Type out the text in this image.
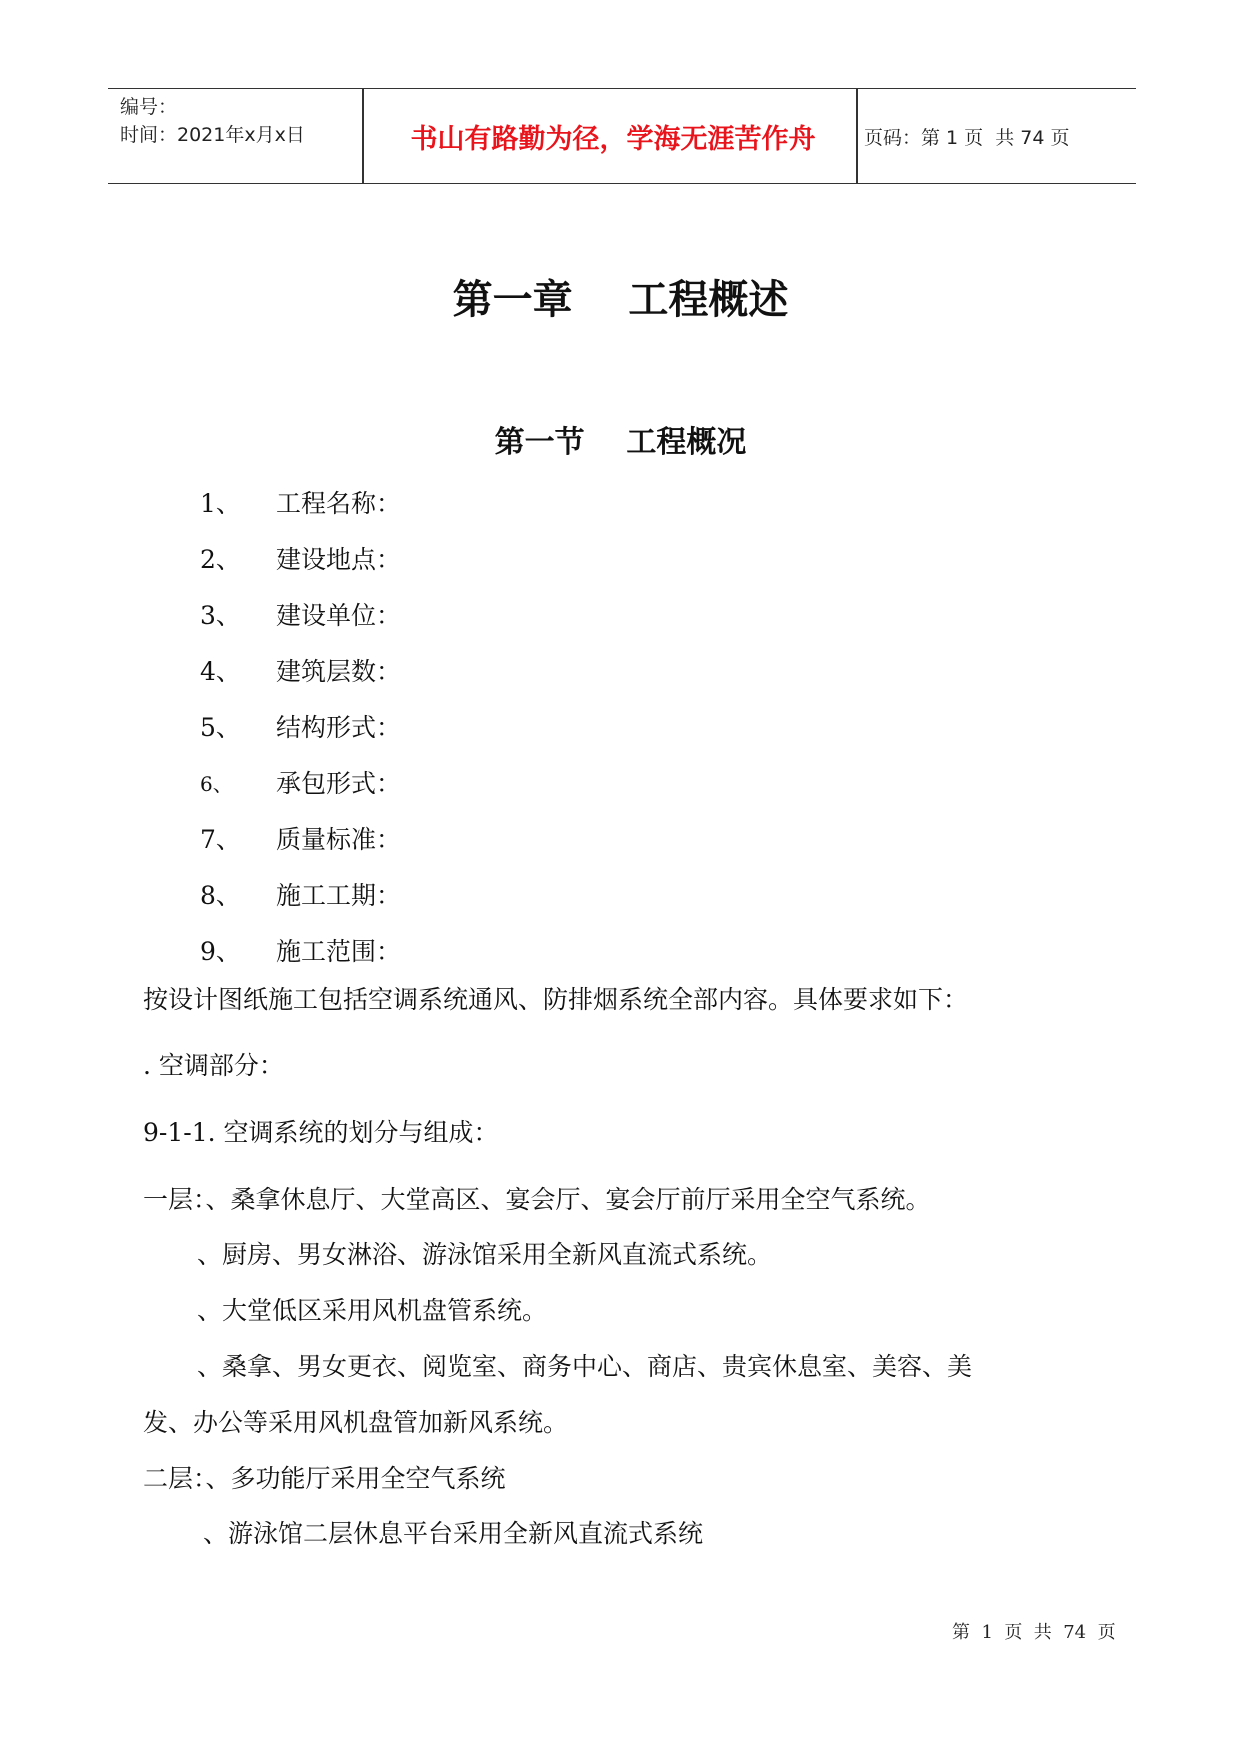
编号：
时间：2021年x月x日	书山有路勤为径，学海无涯苦作舟	页码：第 1 页  共 74 页
第一章    工程概述
第一节    工程概况
1、	工程名称：
2、	建设地点：
3、	建设单位：
4、	建筑层数：
5、	结构形式：
6、	承包形式：
7、	质量标准：
8、	施工工期：
9、	施工范围：
按设计图纸施工包括空调系统通风、防排烟系统全部内容。具体要求如下：
. 空调部分：
9-1-1. 空调系统的划分与组成：
一层：、桑拿休息厅、大堂高区、宴会厅、宴会厅前厅采用全空气系统。
、厨房、男女淋浴、游泳馆采用全新风直流式系统。
、大堂低区采用风机盘管系统。
、桑拿、男女更衣、阅览室、商务中心、商店、贵宾休息室、美容、美
发、办公等采用风机盘管加新风系统。
二层：、多功能厅采用全空气系统
、游泳馆二层休息平台采用全新风直流式系统
第  1  页  共  74  页
